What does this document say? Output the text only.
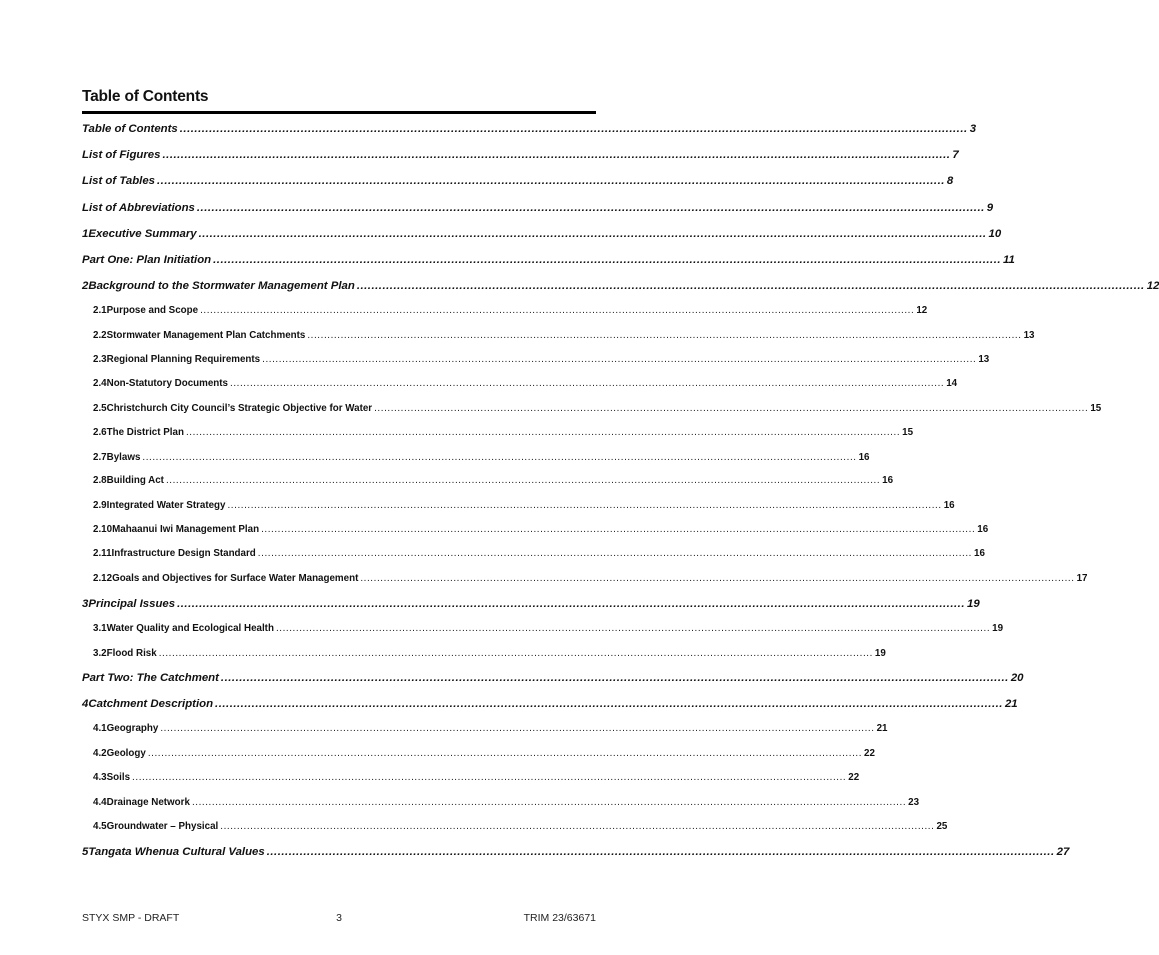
Table of Contents
Table of Contents ....................................................................................................................................................................................................................... 3
List of Figures ....................................................................................................................................................................................................................... 7
List of Tables ....................................................................................................................................................................................................................... 8
List of Abbreviations ....................................................................................................................................................................................................................... 9
1 Executive Summary ....................................................................................................................................................................................................................... 10
Part One: Plan Initiation ....................................................................................................................................................................................................................... 11
2 Background to the Stormwater Management Plan ....................................................................................................................................................................................................................... 12
2.1 Purpose and Scope ....................................................................................................................................................................................................................... 12
2.2 Stormwater Management Plan Catchments ....................................................................................................................................................................................................................... 13
2.3 Regional Planning Requirements ....................................................................................................................................................................................................................... 13
2.4 Non-Statutory Documents ....................................................................................................................................................................................................................... 14
2.5 Christchurch City Council’s Strategic Objective for Water ....................................................................................................................................................................................................................... 15
2.6 The District Plan ....................................................................................................................................................................................................................... 15
2.7 Bylaws ....................................................................................................................................................................................................................... 16
2.8 Building Act ....................................................................................................................................................................................................................... 16
2.9 Integrated Water Strategy ....................................................................................................................................................................................................................... 16
2.10 Mahaanui Iwi Management Plan ....................................................................................................................................................................................................................... 16
2.11 Infrastructure Design Standard ....................................................................................................................................................................................................................... 16
2.12 Goals and Objectives for Surface Water Management ....................................................................................................................................................................................................................... 17
3 Principal Issues ....................................................................................................................................................................................................................... 19
3.1 Water Quality and Ecological Health ....................................................................................................................................................................................................................... 19
3.2 Flood Risk ....................................................................................................................................................................................................................... 19
Part Two: The Catchment ....................................................................................................................................................................................................................... 20
4 Catchment Description ....................................................................................................................................................................................................................... 21
4.1 Geography ....................................................................................................................................................................................................................... 21
4.2 Geology ....................................................................................................................................................................................................................... 22
4.3 Soils ....................................................................................................................................................................................................................... 22
4.4 Drainage Network ....................................................................................................................................................................................................................... 23
4.5 Groundwater – Physical ....................................................................................................................................................................................................................... 25
5 Tangata Whenua Cultural Values ....................................................................................................................................................................................................................... 27
STYX SMP - DRAFT	3	TRIM 23/63671
